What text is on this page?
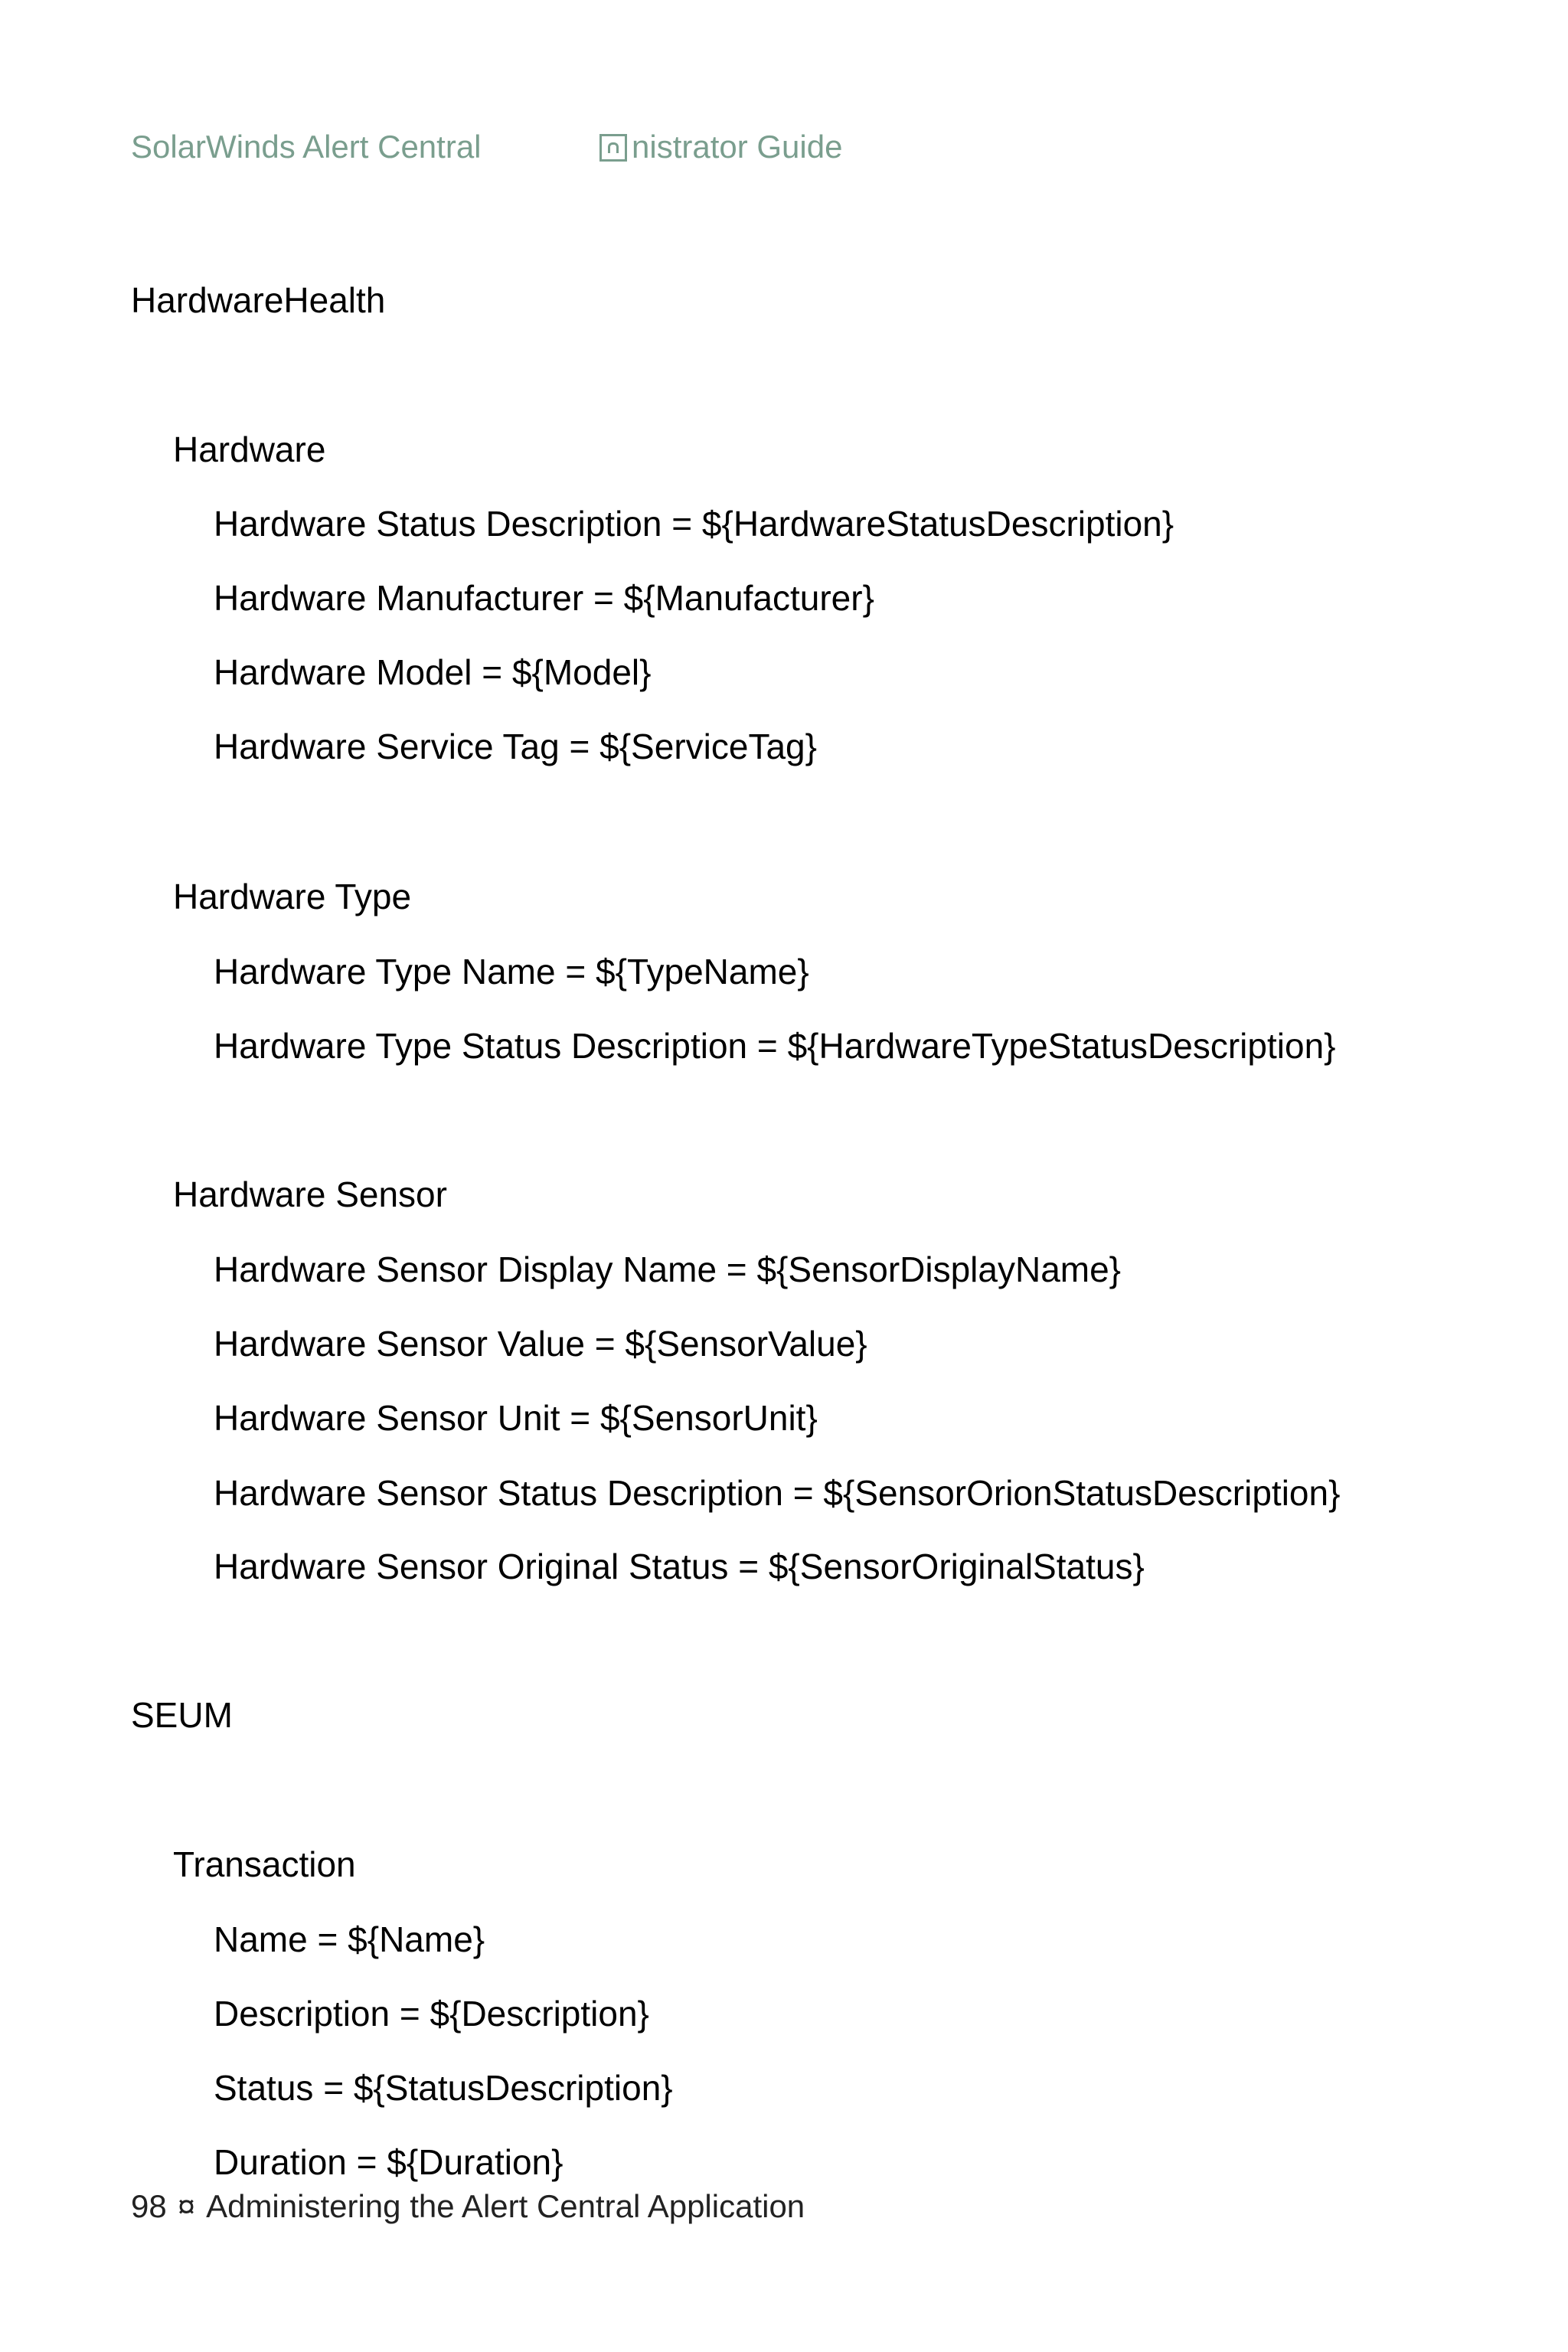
SolarWinds Alert Central	nistrator Guide
HardwareHealth
Hardware
Hardware Status Description = ${HardwareStatusDescription}
Hardware Manufacturer = ${Manufacturer}
Hardware Model = ${Model}
Hardware Service Tag = ${ServiceTag}
Hardware Type
Hardware Type Name = ${TypeName}
Hardware Type Status Description = ${HardwareTypeStatusDescription}
Hardware Sensor
Hardware Sensor Display Name = ${SensorDisplayName}
Hardware Sensor Value = ${SensorValue}
Hardware Sensor Unit = ${SensorUnit}
Hardware Sensor Status Description = ${SensorOrionStatusDescription}
Hardware Sensor Original Status = ${SensorOriginalStatus}
SEUM
Transaction
Name = ${Name}
Description = ${Description}
Status = ${StatusDescription}
Duration = ${Duration}
98 ¤ Administering the Alert Central Application
